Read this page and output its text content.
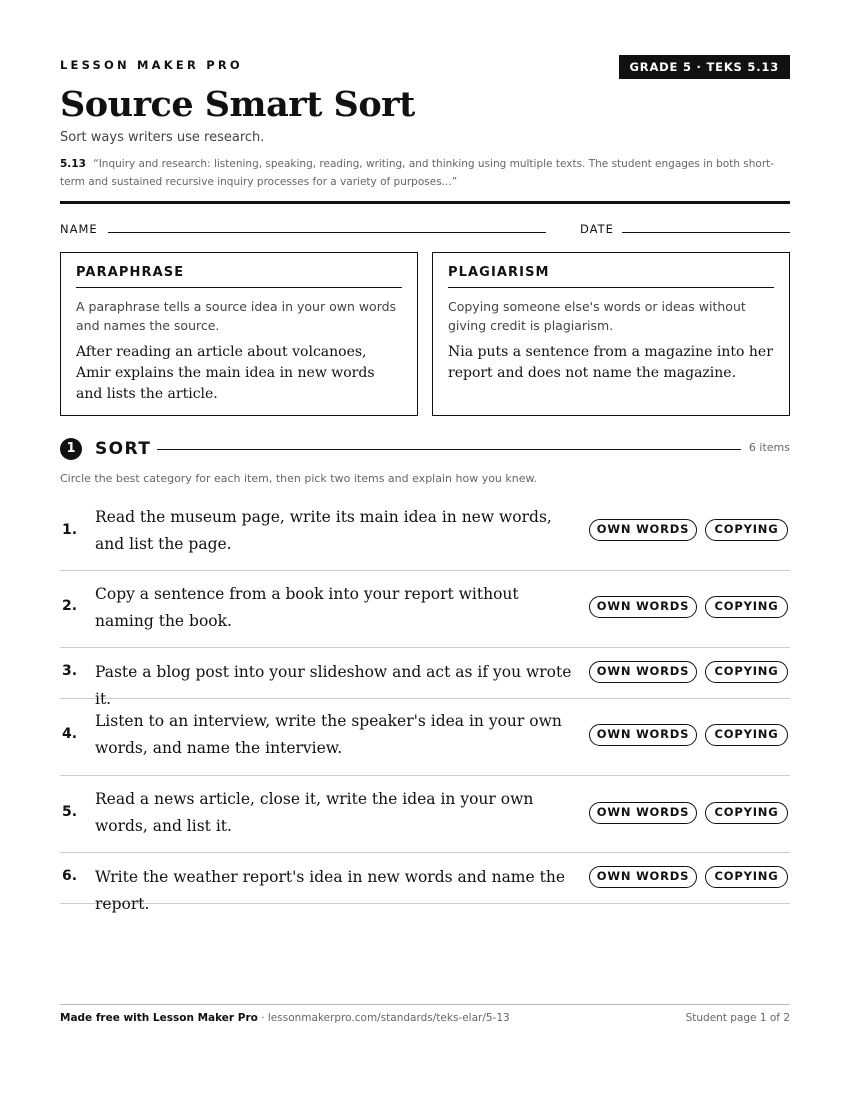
LESSON MAKER PRO	GRADE 5 · TEKS 5.13
Source Smart Sort
Sort ways writers use research.
5.13 “Inquiry and research: listening, speaking, reading, writing, and thinking using multiple texts. The student engages in both short-term and sustained recursive inquiry processes for a variety of purposes...”
NAME	DATE
PARAPHRASE
A paraphrase tells a source idea in your own words and names the source.
After reading an article about volcanoes, Amir explains the main idea in new words and lists the article.
PLAGIARISM
Copying someone else's words or ideas without giving credit is plagiarism.
Nia puts a sentence from a magazine into her report and does not name the magazine.
1	SORT	6 items
Circle the best category for each item, then pick two items and explain how you knew.
1.
Read the museum page, write its main idea in new words, and list the page.
OWN WORDS	COPYING
2.
Copy a sentence from a book into your report without naming the book.
OWN WORDS	COPYING
3. Paste a blog post into your slideshow and act as if you wrote it.
OWN WORDS	COPYING
4.
Listen to an interview, write the speaker's idea in your own words, and name the interview.
OWN WORDS	COPYING
5.
Read a news article, close it, write the idea in your own words, and list it.
OWN WORDS	COPYING
6. Write the weather report's idea in new words and name the report.
OWN WORDS	COPYING
Made free with Lesson Maker Pro · lessonmakerpro.com/standards/teks-elar/5-13	Student page 1 of 2
